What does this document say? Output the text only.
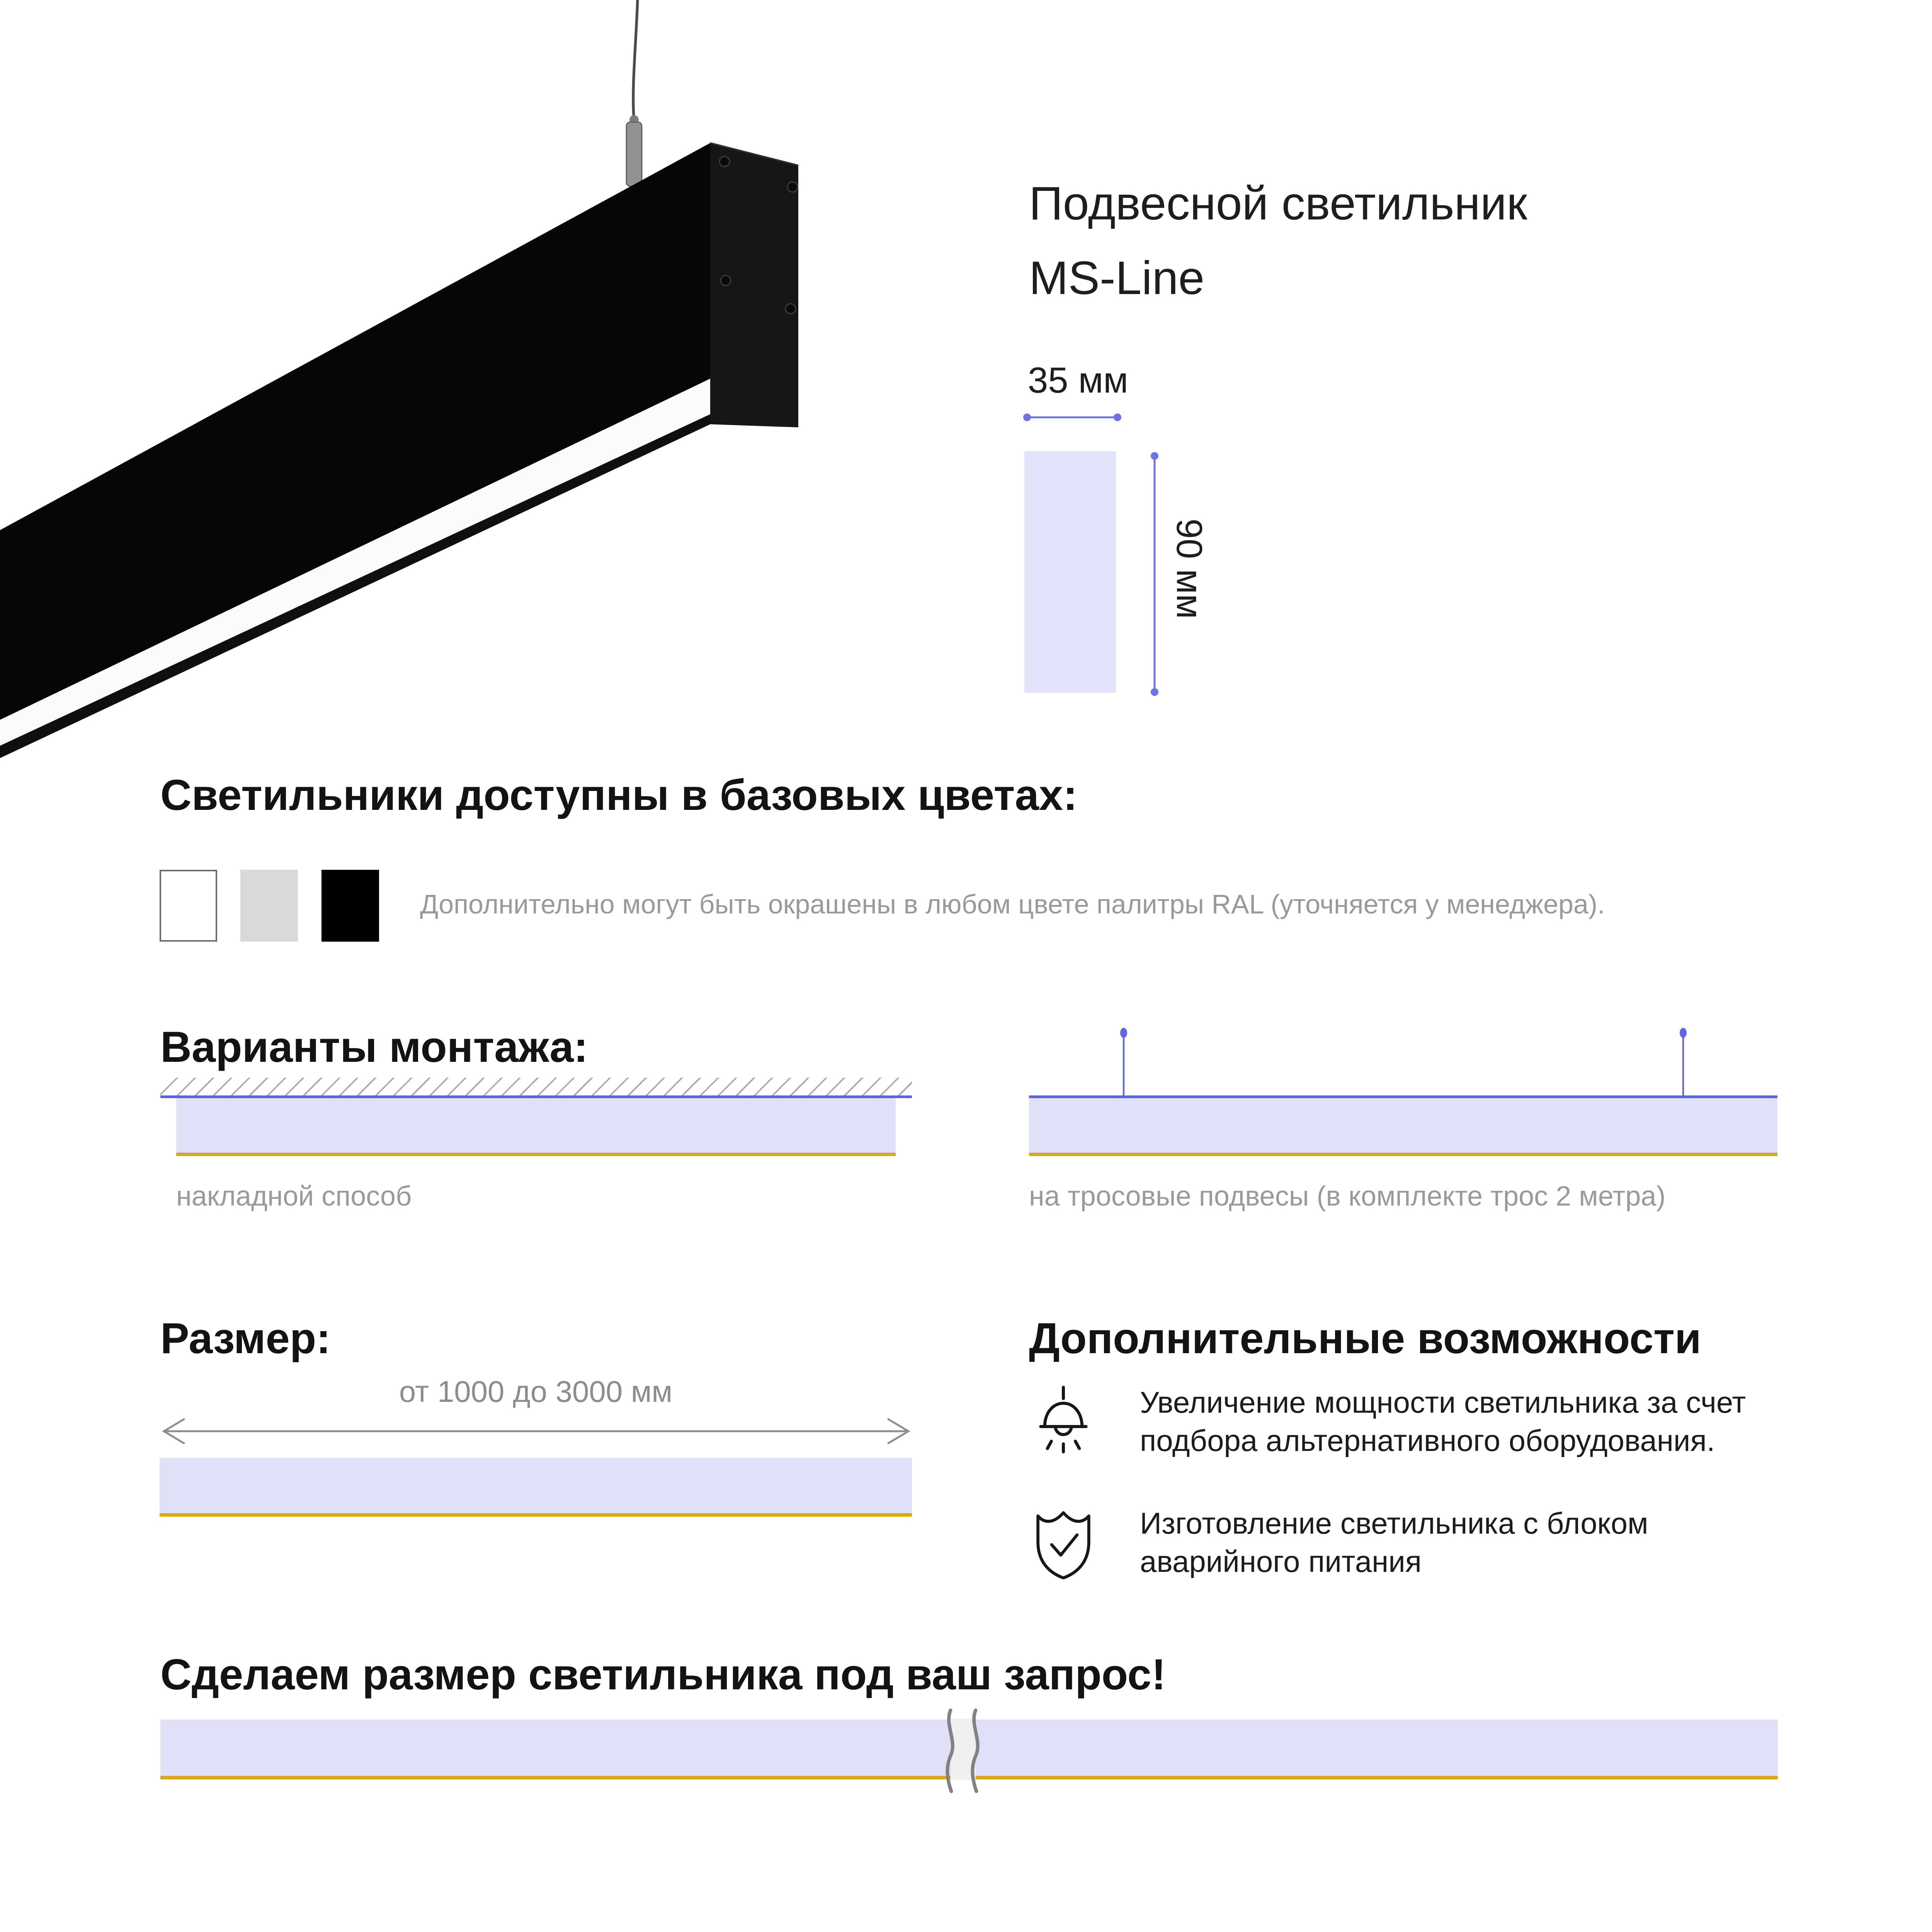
Подвесной светильник
MS-Line
35 мм
90 мм
Светильники доступны в базовых цветах:
Дополнительно могут быть окрашены в любом цвете палитры RAL (уточняется у менеджера).
Варианты монтажа:
накладной способ	на тросовые подвесы (в комплекте трос 2 метра)
Размер:
от 1000 до 3000 мм
Дополнительные возможности
Увеличение мощности светильника за счет
подбора альтернативного оборудования.
Изготовление светильника с блоком
аварийного питания
Сделаем размер светильника под ваш запрос!
